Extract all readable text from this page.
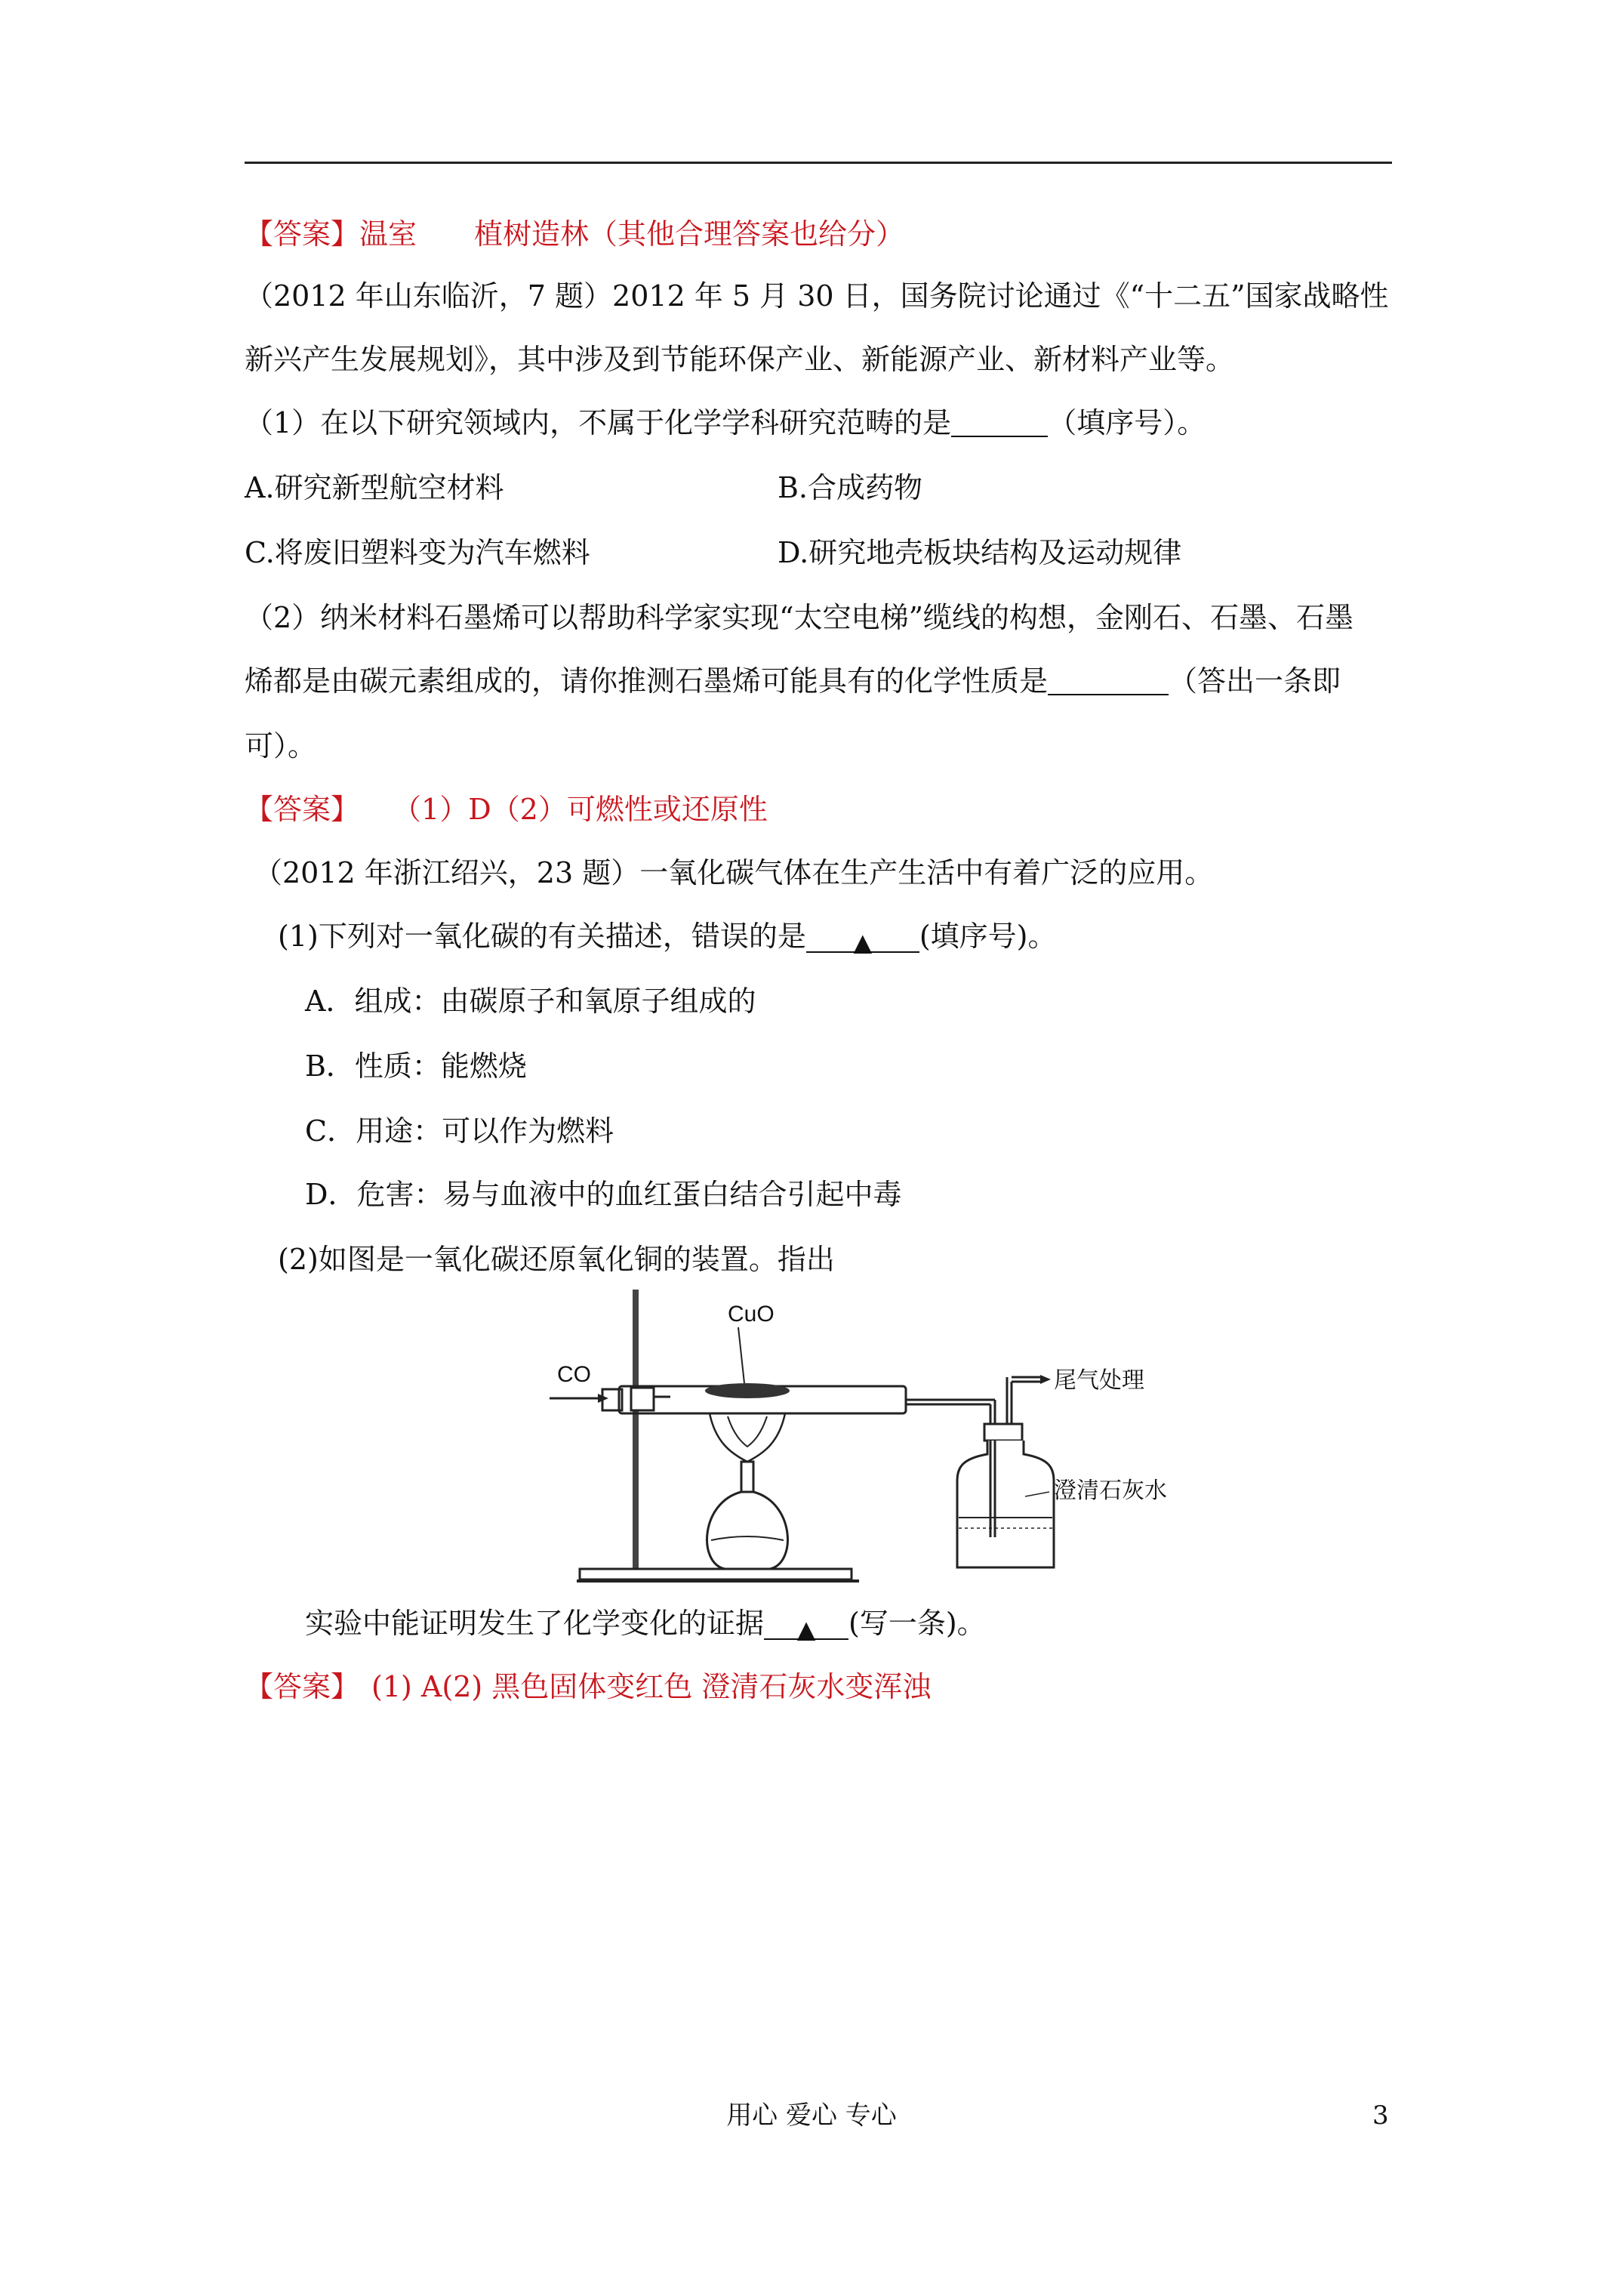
【答案】温室 植树造林（其他合理答案也给分）
（2012 年山东临沂，7 题）2012 年 5 月 30 日，国务院讨论通过《“十二五”国家战略性
新兴产生发展规划》，其中涉及到节能环保产业、新能源产业、新材料产业等。
（1）在以下研究领域内，不属于化学学科研究范畴的是	（填序号）。
A.研究新型航空材料	B.合成药物
C.将废旧塑料变为汽车燃料	D.研究地壳板块结构及运动规律
（2）纳米材料石墨烯可以帮助科学家实现“太空电梯”缆线的构想，金刚石、石墨、石墨
烯都是由碳元素组成的，请你推测石墨烯可能具有的化学性质是	（答出一条即
可）。
【答案】 （1）D（2）可燃性或还原性
（2012 年浙江绍兴，23 题）一氧化碳气体在生产生活中有着广泛的应用。
(1)下列对一氧化碳的有关描述，错误的是 ▲ (填序号)。
A．组成：由碳原子和氧原子组成的
B．性质：能燃烧
C．用途：可以作为燃料
D．危害：易与血液中的血红蛋白结合引起中毒
(2)如图是一氧化碳还原氧化铜的装置。指出
CO
CuO
尾气处理
澄清石灰水
实验中能证明发生了化学变化的证据 ▲ (写一条)。
【答案】 (1) A(2) 黑色固体变红色 澄清石灰水变浑浊
用心 爱心 专心	3
